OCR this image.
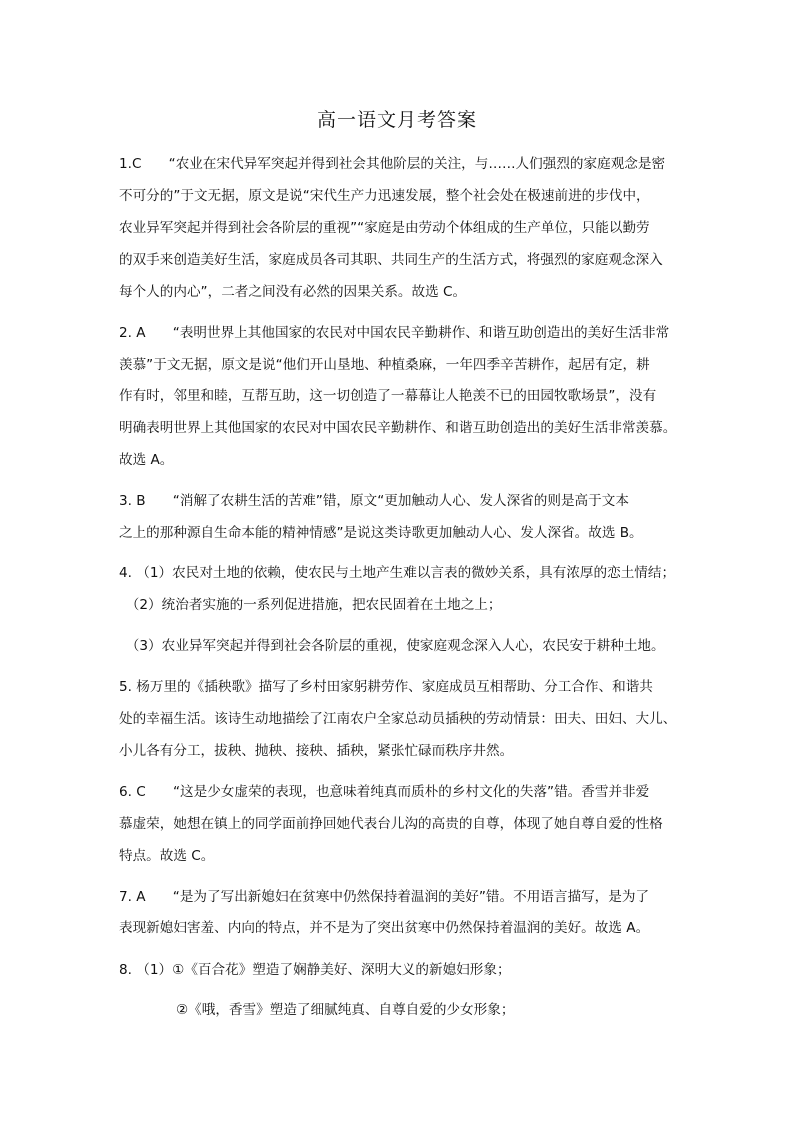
高一语文月考答案
1.C　　“农业在宋代异军突起并得到社会其他阶层的关注，与……人们强烈的家庭观念是密
不可分的”于文无据，原文是说“宋代生产力迅速发展，整个社会处在极速前进的步伐中，
农业异军突起并得到社会各阶层的重视”“家庭是由劳动个体组成的生产单位，只能以勤劳
的双手来创造美好生活，家庭成员各司其职、共同生产的生活方式，将强烈的家庭观念深入
每个人的内心”，二者之间没有必然的因果关系。故选 C。
2. A　　“表明世界上其他国家的农民对中国农民辛勤耕作、和谐互助创造出的美好生活非常
羡慕”于文无据，原文是说“他们开山垦地、种植桑麻，一年四季辛苦耕作，起居有定，耕
作有时，邻里和睦，互帮互助，这一切创造了一幕幕让人艳羡不已的田园牧歌场景”，没有
明确表明世界上其他国家的农民对中国农民辛勤耕作、和谐互助创造出的美好生活非常羡慕。
故选 A。
3. B　　“消解了农耕生活的苦难”错，原文“更加触动人心、发人深省的则是高于文本
之上的那种源自生命本能的精神情感”是说这类诗歌更加触动人心、发人深省。故选 B。
4. （1）农民对土地的依赖，使农民与土地产生难以言表的微妙关系，具有浓厚的恋土情结；
　（2）统治者实施的一系列促进措施，把农民固着在土地之上；
　（3）农业异军突起并得到社会各阶层的重视，使家庭观念深入人心，农民安于耕种土地。
5. 杨万里的《插秧歌》描写了乡村田家躬耕劳作、家庭成员互相帮助、分工合作、和谐共
处的幸福生活。该诗生动地描绘了江南农户全家总动员插秧的劳动情景：田夫、田妇、大儿、
小儿各有分工，拔秧、抛秧、接秧、插秧，紧张忙碌而秩序井然。
6. C　　“这是少女虚荣的表现，也意味着纯真而质朴的乡村文化的失落”错。香雪并非爱
慕虚荣，她想在镇上的同学面前挣回她代表台儿沟的高贵的自尊，体现了她自尊自爱的性格
特点。故选 C。
7. A　　“是为了写出新媳妇在贫寒中仍然保持着温润的美好”错。不用语言描写，是为了
表现新媳妇害羞、内向的特点，并不是为了突出贫寒中仍然保持着温润的美好。故选 A。
8. （1）①《百合花》塑造了娴静美好、深明大义的新媳妇形象；
②《哦，香雪》塑造了细腻纯真、自尊自爱的少女形象；
